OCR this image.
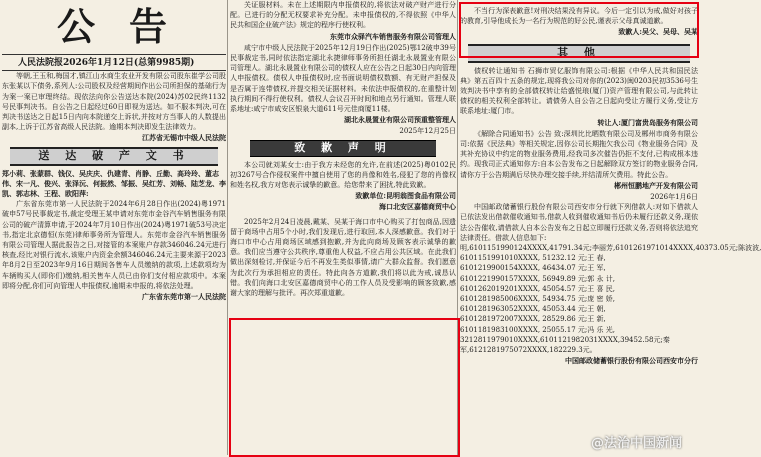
公 告
人民法院报2026年1月12日(总第9985期)

等朝,王玉和,梅国才,镇江山水商生农业开发有限公司股东崔学公司股东张某以下债务,系列人:公司股权及经营期间作出公司所担保的基础行为为案一案已审理终结。现依法向你公告送达本院(2024)苏02民终1132号民事判决书。自公告之日起经过60日即视为送达。如不服本判决,可在判决书送达之日起15日内向本院递交上诉状,并按对方当事人的人数提出副本,上诉于江苏省高级人民法院。逾期本判决即发生法律效力。

江苏省无锡市中级人民法院
送 达 破 产 文 书
郑小莉、张蒙群、钱仪、吴庆庆、仇建青、肖静、丘勤、高玲玲、董志伟、宋一凡、俊兴、张泽沅、何振然、邹振、吴红芳、刘畅、陆芝龙、李凯、郭志林、王程、欧阳萍:

广东省东莞市第一人民法院于2024年6月28日作出(2024)粤1971破申57号民事裁定书,裁定受理王某申请对东莞市金谷汽车销售服务有限公司的破产清算申请,于2024年7月10日作出(2024)粤1971破53号决定书,指定北京德恒(东莞)律师事务所为管理人。东莞市金谷汽车销售服务有限公司管理人据此报告之日,对接管的本案账户存款346046.24元进行核查,经比对银行流水,该账户内资金余额346046.24元主要来源于2023年8月2日至2023年9月16日期间各售车人员缴纳的款项,上述款项均为车辆购买人(即你们)缴纳,相关售车人员已由你们支付相应款项中。本案即将分配,你们可向管理人申报债权,逾期未申报的,将依法处理。

广东省东莞市第一人民法院

关证服材料。未在上述期限内申报债权的,将依法对破产财产进行分配。已进行的分配无权要求补充分配。未申报债权的,不得依照《中华人民共和国企业破产法》规定的程序行使权利。

东莞市众驿汽车销售服务有限公司管理人

咸宁市中级人民法院于2025年12月19日作出(2025)鄂12破申39号民事裁定书,同时依法指定湖北永捷律师事务所担任湖北永晟置业有限公司管理人。湖北永晟置业有限公司的债权人应在公告之日起30日内向管理人申报债权。债权人申报债权时,应书面说明债权数额、有无财产担保及是否属于连带债权,并提交相关证据材料。未依法申报债权的,在重整计划执行期间不得行使权利。债权人会议召开时间和地点另行通知。管理人联系地址:咸宁市咸安区银泉大道611号元佳商厦11楼。

湖北永晟置业有限公司预重整管理人
2025年12月25日
致 歉 声 明

本公司就刘某女士:由于我方未经您的允许,在前述(2025)粤0102民初3267号合作侵权案件中擅自使用了您的肖像和姓名,侵犯了您的肖像权和姓名权,我方对您表示诚挚的歉意。给您带来了困扰,特此致歉。

致歉单位:昆明翁图食品有限公司
海口北安区嘉德商贸中心

2025年2月24日凌晨,戴某、吴某于海口市中心购买了打包商品,因遗留于商场中占用5个小时,我们发现后,进行取回,本人深感歉意。我们对于海口市中心占用商场区域感到抱歉,并为此向商场及顾客表示诚挚的歉意。我们应当遵守公共秩序,尊重他人权益,不应占用公共区域。在此我们做出深刻检讨,并保证今后不再发生类似事情,请广大群众监督。我们愿意为此次行为承担相应的责任。特此向各方道歉,我们将以此为戒,诚恳认错。我们向海口北安区嘉德商贸中心的工作人员及受影响的顾客致歉,感谢大家的理解与批评。再次郑重道歉。

不当行为深表歉意!对刑决结果没有异议。今后一定引以为戒,做好对孩子的教育,引导他成长为一名行为规范的好公民,谨表示父母真诚道歉。

致歉人:吴父、吴母、吴某
其 他

债权转让通知书 石狮市贸亿服饰有限公司:根据《中华人民共和国民法典》第五百四十五条的规定,现将我公司对你的(2023)闽0203民初3536号生效判决书中享有的全部债权转让给盛悦琅(厦门)资产管理有限公司,与此转让债权的相关权利全部转让。请债务人自公告之日起向受让方履行义务,受让方联系地址:厦门市。

转让人:厦门富贵岛服务有限公司

《解除合同通知书》公告 致:深圳比比晒数有限公司及郴州市商务有限公司:依据《民法典》等相关规定,因你公司长期拖欠我公司《物业服务合同》及其补充协议中约定的物业服务费用,经我司多次催告仍拒不支付,已构成根本违约。现我司正式通知你方:自本公告发布之日起解除双方签订的物业服务合同,请你方于公告期满后尽快办理交接手续,并结清所欠费用。特此公告。

郴州恒鹏地产开发有限公司
2026年1月6日

中国邮政储蓄银行股份有限公司西安市分行就下列借款人:对如下借款人已依法发出借款催收通知书,借款人收到催收通知书后仍未履行还款义务,现依法公告催收,请借款人自本公告发布之日起立即履行还款义务,否则将依法追究法律责任。借款人信息如下:

明,6101151990124XXXX,41791.34元;李丽芳,6101261971014XXXX,40373.05元;陈波波,
6101151991010XXXX, 51232.12 元;王 春,
6101219900154XXXX, 46434.07 元;王 军,
6101221990157XXXX, 56949.89 元;郭 永 计,
6101262019201XXXX, 45054.57 元;王 喜 民,
6101281985006XXXX, 54934.75 元;庞 密 娇,
6101281963052XXXX, 45053.44 元;王 朝,
6101281972007XXXX, 28529.86 元;王 新,
6101181983100XXXX, 25055.17 元;冯 乐 光,
3212811979010XXXX,6101121982031XXXX,39452.58元;秦
军,6121281975072XXXX,182229.3元。
中国邮政储蓄银行股份有限公司西安市分行
@法治中国新闻
